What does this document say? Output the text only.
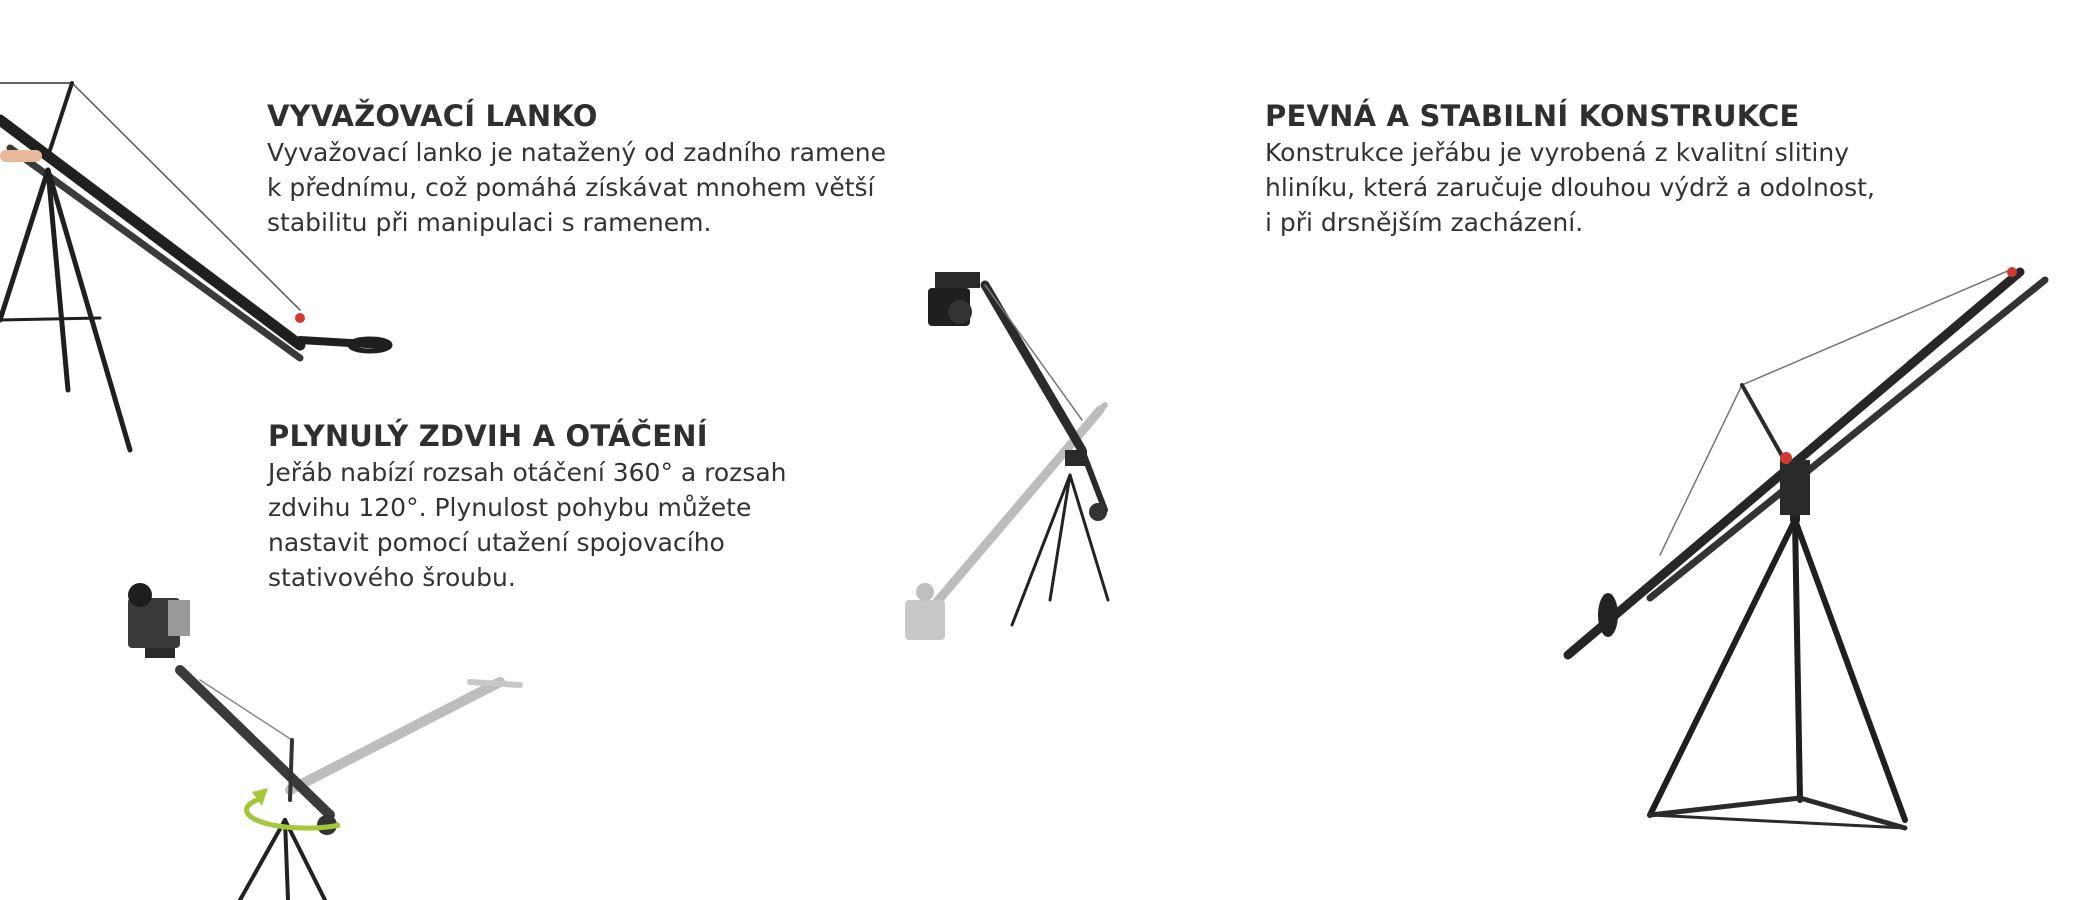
VYVAŽOVACÍ LANKO

Vyvažovací lanko je natažený od zadního ramene
k přednímu, což pomáhá získávat mnohem větší
stabilitu při manipulaci s ramenem.

PLYNULÝ ZDVIH A OTÁČENÍ

Jeřáb nabízí rozsah otáčení 360° a rozsah
zdvihu 120°. Plynulost pohybu můžete
nastavit pomocí utažení spojovacího
stativového šroubu.

PEVNÁ A STABILNÍ KONSTRUKCE

Konstrukce jeřábu je vyrobená z kvalitní slitiny
hliníku, která zaručuje dlouhou výdrž a odolnost,
i při drsnějším zacházení.
